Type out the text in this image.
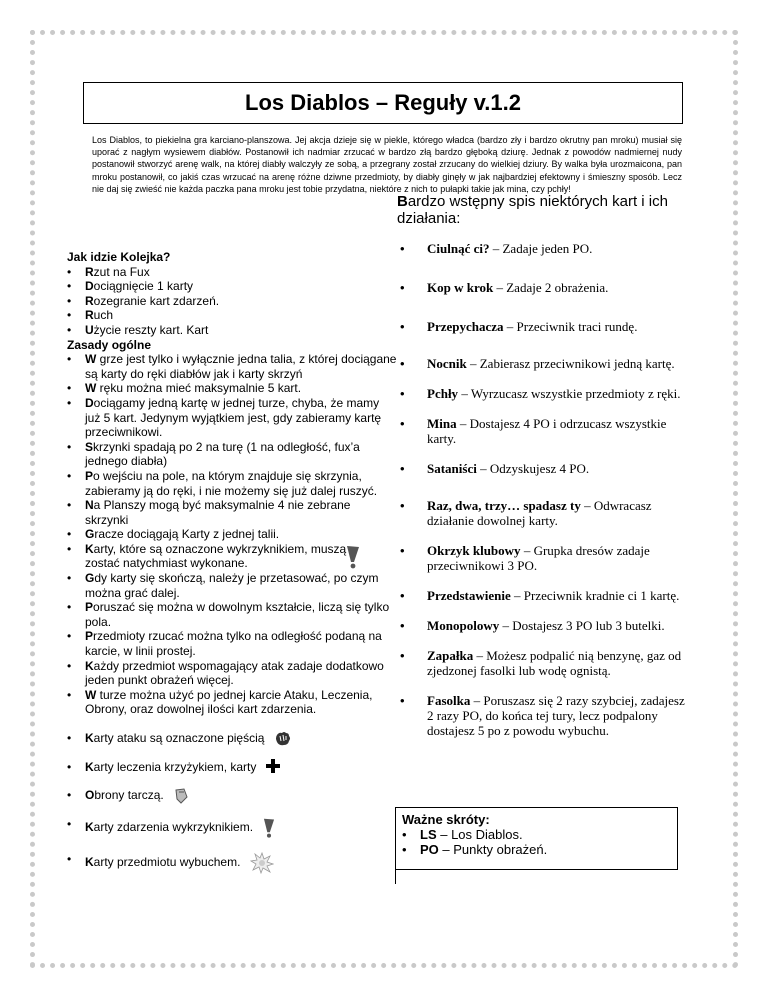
Los Diablos – Reguły v.1.2
Los Diablos, to piekielna gra karciano-planszowa. Jej akcja dzieje się w piekle, którego władca (bardzo zły i bardzo okrutny pan mroku) musiał się uporać z nagłym wysiewem diabłów. Postanowił ich nadmiar zrzucać w bardzo złą bardzo głęboką dziurę. Jednak z powodów nadmiernej nudy postanowił stworzyć arenę walk, na której diabły walczyły ze sobą, a przegrany został zrzucany do wielkiej dziury. By walka była urozmaicona, pan mroku postanowił, co jakiś czas wrzucać na arenę różne dziwne przedmioty, by diabły ginęły w jak najbardziej efektowny i śmieszny sposób. Lecz nie daj się zwieść nie każda paczka pana mroku jest tobie przydatna, niektóre z nich to pułapki takie jak mina, czy pchły!
Jak idzie Kolejka?
• Rzut na Fux
• Dociągnięcie 1 karty
• Rozegranie kart zdarzeń.
• Ruch
• Użycie reszty kart. Kart
Zasady ogólne
• W grze jest tylko i wyłącznie jedna talia, z której dociągane są karty do ręki diabłów jak i karty skrzyń
• W ręku można mieć maksymalnie 5 kart.
• Dociągamy jedną kartę w jednej turze, chyba, że mamy już 5 kart. Jedynym wyjątkiem jest, gdy zabieramy kartę przeciwnikowi.
• Skrzynki spadają po 2 na turę (1 na odległość, fux’a jednego diabła)
• Po wejściu na pole, na którym znajduje się skrzynia, zabieramy ją do ręki, i nie możemy się już dalej ruszyć.
• Na Planszy mogą być maksymalnie 4 nie zebrane skrzynki
• Gracze dociągają Karty z jednej talii.
• Karty, które są oznaczone wykrzyknikiem, muszą zostać natychmiast wykonane.
• Gdy karty się skończą, należy je przetasować, po czym można grać dalej.
• Poruszać się można w dowolnym kształcie, liczą się tylko pola.
• Przedmioty rzucać można tylko na odległość podaną na karcie, w linii prostej.
• Każdy przedmiot wspomagający atak zadaje dodatkowo jeden punkt obrażeń więcej.
• W turze można użyć po jednej karcie Ataku, Leczenia, Obrony, oraz dowolnej ilości kart zdarzenia.
• Karty ataku są oznaczone pięścią
• Karty leczenia krzyżykiem, karty
• Obrony tarczą.
• Karty zdarzenia wykrzyknikiem.
• Karty przedmiotu wybuchem.

Bardzo wstępny spis niektórych kart i ich działania:

• Ciulnąć ci? – Zadaje jeden PO.
• Kop w krok – Zadaje 2 obrażenia.
• Przepychacza – Przeciwnik traci rundę.
• Nocnik – Zabierasz przeciwnikowi jedną kartę.
• Pchły – Wyrzucasz wszystkie przedmioty z ręki.
• Mina – Dostajesz 4 PO i odrzucasz wszystkie karty.
• Sataniści – Odzyskujesz 4 PO.
• Raz, dwa, trzy… spadasz ty – Odwracasz działanie dowolnej karty.
• Okrzyk klubowy – Grupka dresów zadaje przeciwnikowi 3 PO.
• Przedstawienie – Przeciwnik kradnie ci 1 kartę.
• Monopolowy – Dostajesz 3 PO lub 3 butelki.
• Zapałka – Możesz podpalić nią benzynę, gaz od zjedzonej fasolki lub wodę ognistą.
• Fasolka – Poruszasz się 2 razy szybciej, zadajesz 2 razy PO, do końca tej tury, lecz podpalony dostajesz 5 po z powodu wybuchu.
Ważne skróty:
• LS – Los Diablos.
• PO – Punkty obrażeń.
